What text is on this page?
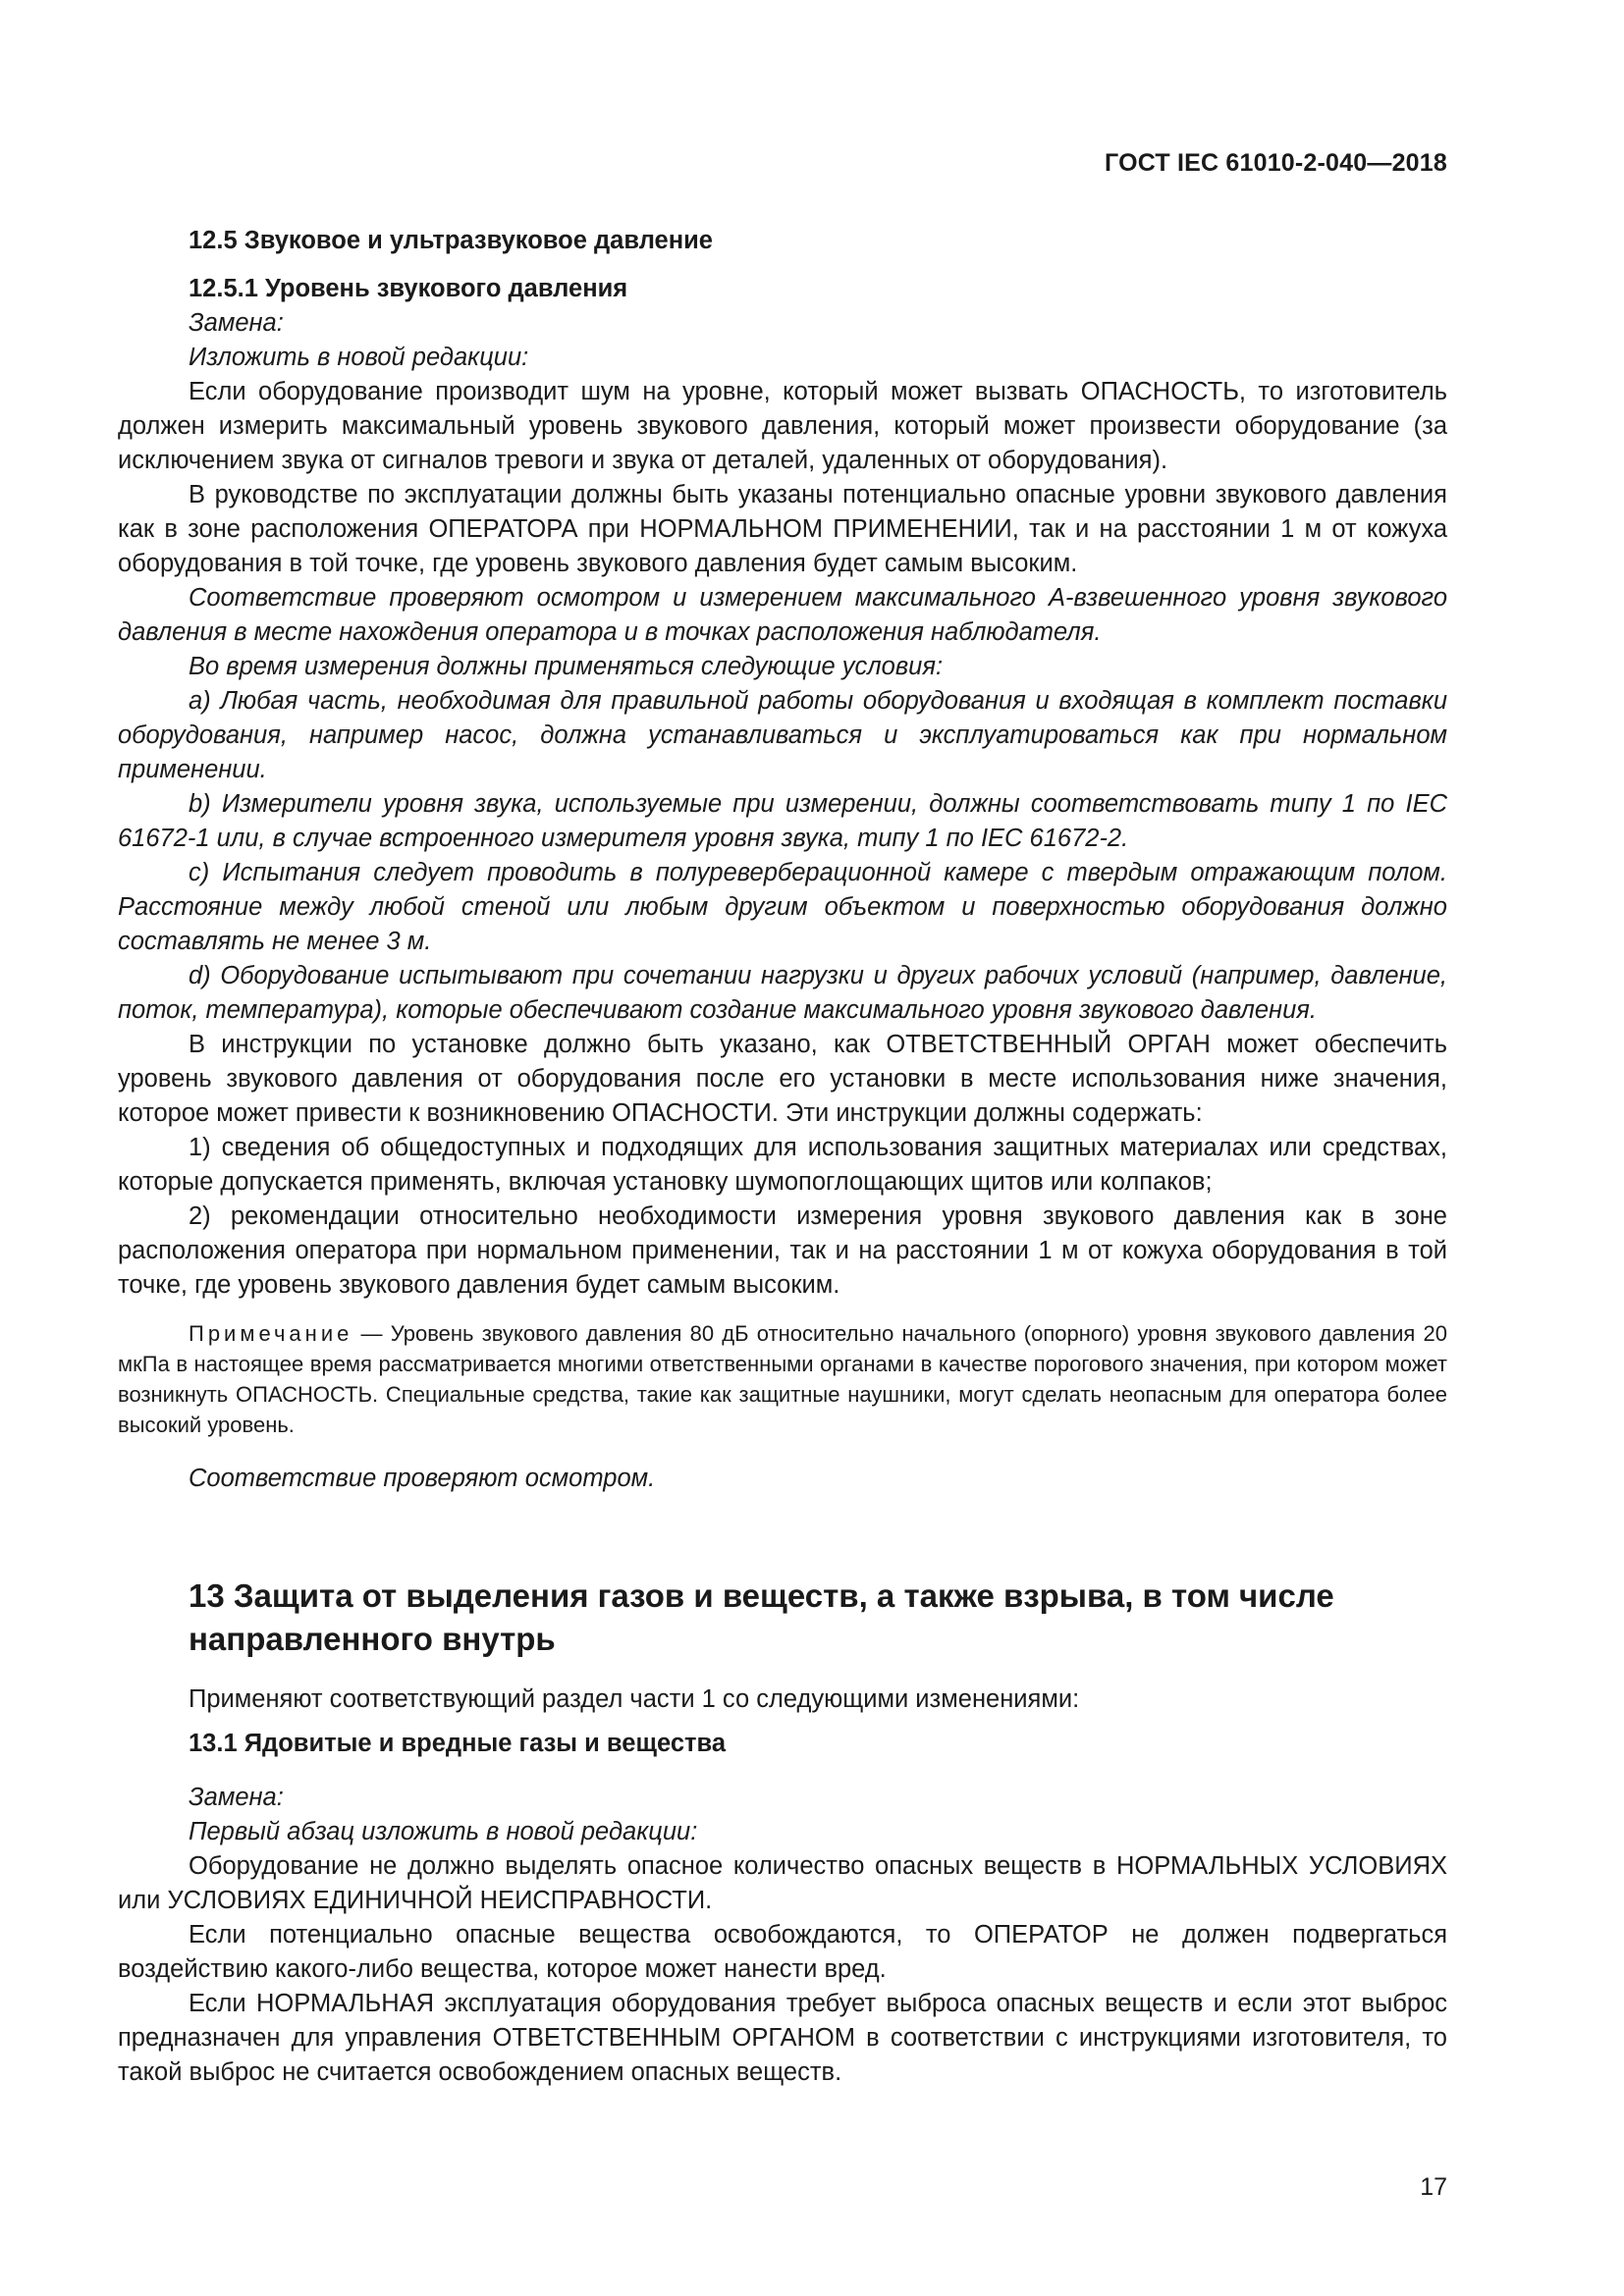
ГОСТ IEC 61010-2-040—2018
12.5 Звуковое и ультразвуковое давление
12.5.1 Уровень звукового давления

Замена:

Изложить в новой редакции:

Если оборудование производит шум на уровне, который может вызвать ОПАСНОСТЬ, то изготовитель должен измерить максимальный уровень звукового давления, который может произвести оборудование (за исключением звука от сигналов тревоги и звука от деталей, удаленных от оборудования).

В руководстве по эксплуатации должны быть указаны потенциально опасные уровни звукового давления как в зоне расположения ОПЕРАТОРА при НОРМАЛЬНОМ ПРИМЕНЕНИИ, так и на расстоянии 1 м от кожуха оборудования в той точке, где уровень звукового давления будет самым высоким.

Соответствие проверяют осмотром и измерением максимального А-взвешенного уровня звукового давления в месте нахождения оператора и в точках расположения наблюдателя.

Во время измерения должны применяться следующие условия:

a) Любая часть, необходимая для правильной работы оборудования и входящая в комплект поставки оборудования, например насос, должна устанавливаться и эксплуатироваться как при нормальном применении.

b) Измерители уровня звука, используемые при измерении, должны соответствовать типу 1 по IEC 61672-1 или, в случае встроенного измерителя уровня звука, типу 1 по IEC 61672-2.

c) Испытания следует проводить в полуреверберационной камере с твердым отражающим полом. Расстояние между любой стеной или любым другим объектом и поверхностью оборудования должно составлять не менее 3 м.

d) Оборудование испытывают при сочетании нагрузки и других рабочих условий (например, давление, поток, температура), которые обеспечивают создание максимального уровня звукового давления.

В инструкции по установке должно быть указано, как ОТВЕТСТВЕННЫЙ ОРГАН может обеспечить уровень звукового давления от оборудования после его установки в месте использования ниже значения, которое может привести к возникновению ОПАСНОСТИ. Эти инструкции должны содержать:

1) сведения об общедоступных и подходящих для использования защитных материалах или средствах, которые допускается применять, включая установку шумопоглощающих щитов или колпаков;

2) рекомендации относительно необходимости измерения уровня звукового давления как в зоне расположения оператора при нормальном применении, так и на расстоянии 1 м от кожуха оборудования в той точке, где уровень звукового давления будет самым высоким.

Примечание — Уровень звукового давления 80 дБ относительно начального (опорного) уровня звукового давления 20 мкПа в настоящее время рассматривается многими ответственными органами в качестве порогового значения, при котором может возникнуть ОПАСНОСТЬ. Специальные средства, такие как защитные наушники, могут сделать неопасным для оператора более высокий уровень.

Соответствие проверяют осмотром.

13 Защита от выделения газов и веществ, а также взрыва, в том числе направленного внутрь

Применяют соответствующий раздел части 1 со следующими изменениями:

13.1 Ядовитые и вредные газы и вещества

Замена:

Первый абзац изложить в новой редакции:

Оборудование не должно выделять опасное количество опасных веществ в НОРМАЛЬНЫХ УСЛОВИЯХ или УСЛОВИЯХ ЕДИНИЧНОЙ НЕИСПРАВНОСТИ.

Если потенциально опасные вещества освобождаются, то ОПЕРАТОР не должен подвергаться воздействию какого-либо вещества, которое может нанести вред.

Если НОРМАЛЬНАЯ эксплуатация оборудования требует выброса опасных веществ и если этот выброс предназначен для управления ОТВЕТСТВЕННЫМ ОРГАНОМ в соответствии с инструкциями изготовителя, то такой выброс не считается освобождением опасных веществ.

17
